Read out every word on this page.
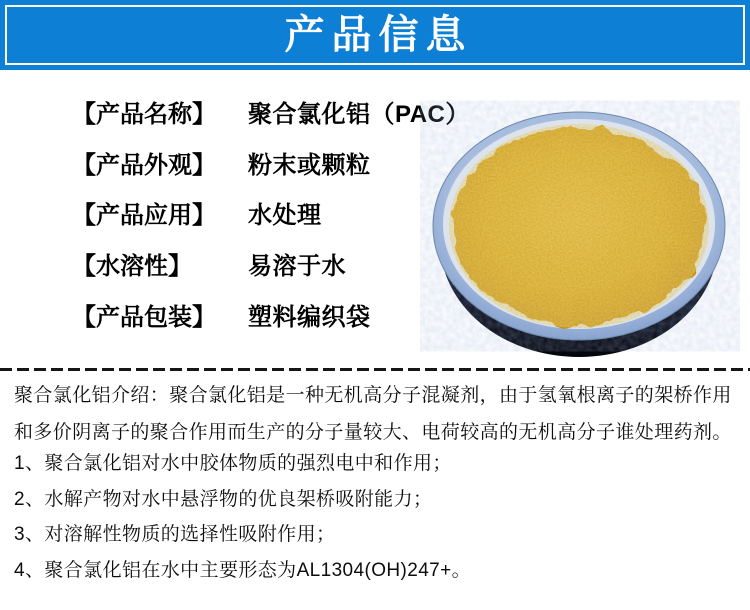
产品信息
【产品名称】	聚合氯化铝（PAC）
【产品外观】	粉末或颗粒
【产品应用】	水处理
【水溶性】	易溶于水
【产品包装】	塑料编织袋
聚合氯化铝介绍：聚合氯化铝是一种无机高分子混凝剂，由于氢氧根离子的架桥作用
和多价阴离子的聚合作用而生产的分子量较大、电荷较高的无机高分子谁处理药剂。
1、聚合氯化铝对水中胶体物质的强烈电中和作用；
2、水解产物对水中悬浮物的优良架桥吸附能力；
3、对溶解性物质的选择性吸附作用；
4、聚合氯化铝在水中主要形态为AL1304(OH)247+。
